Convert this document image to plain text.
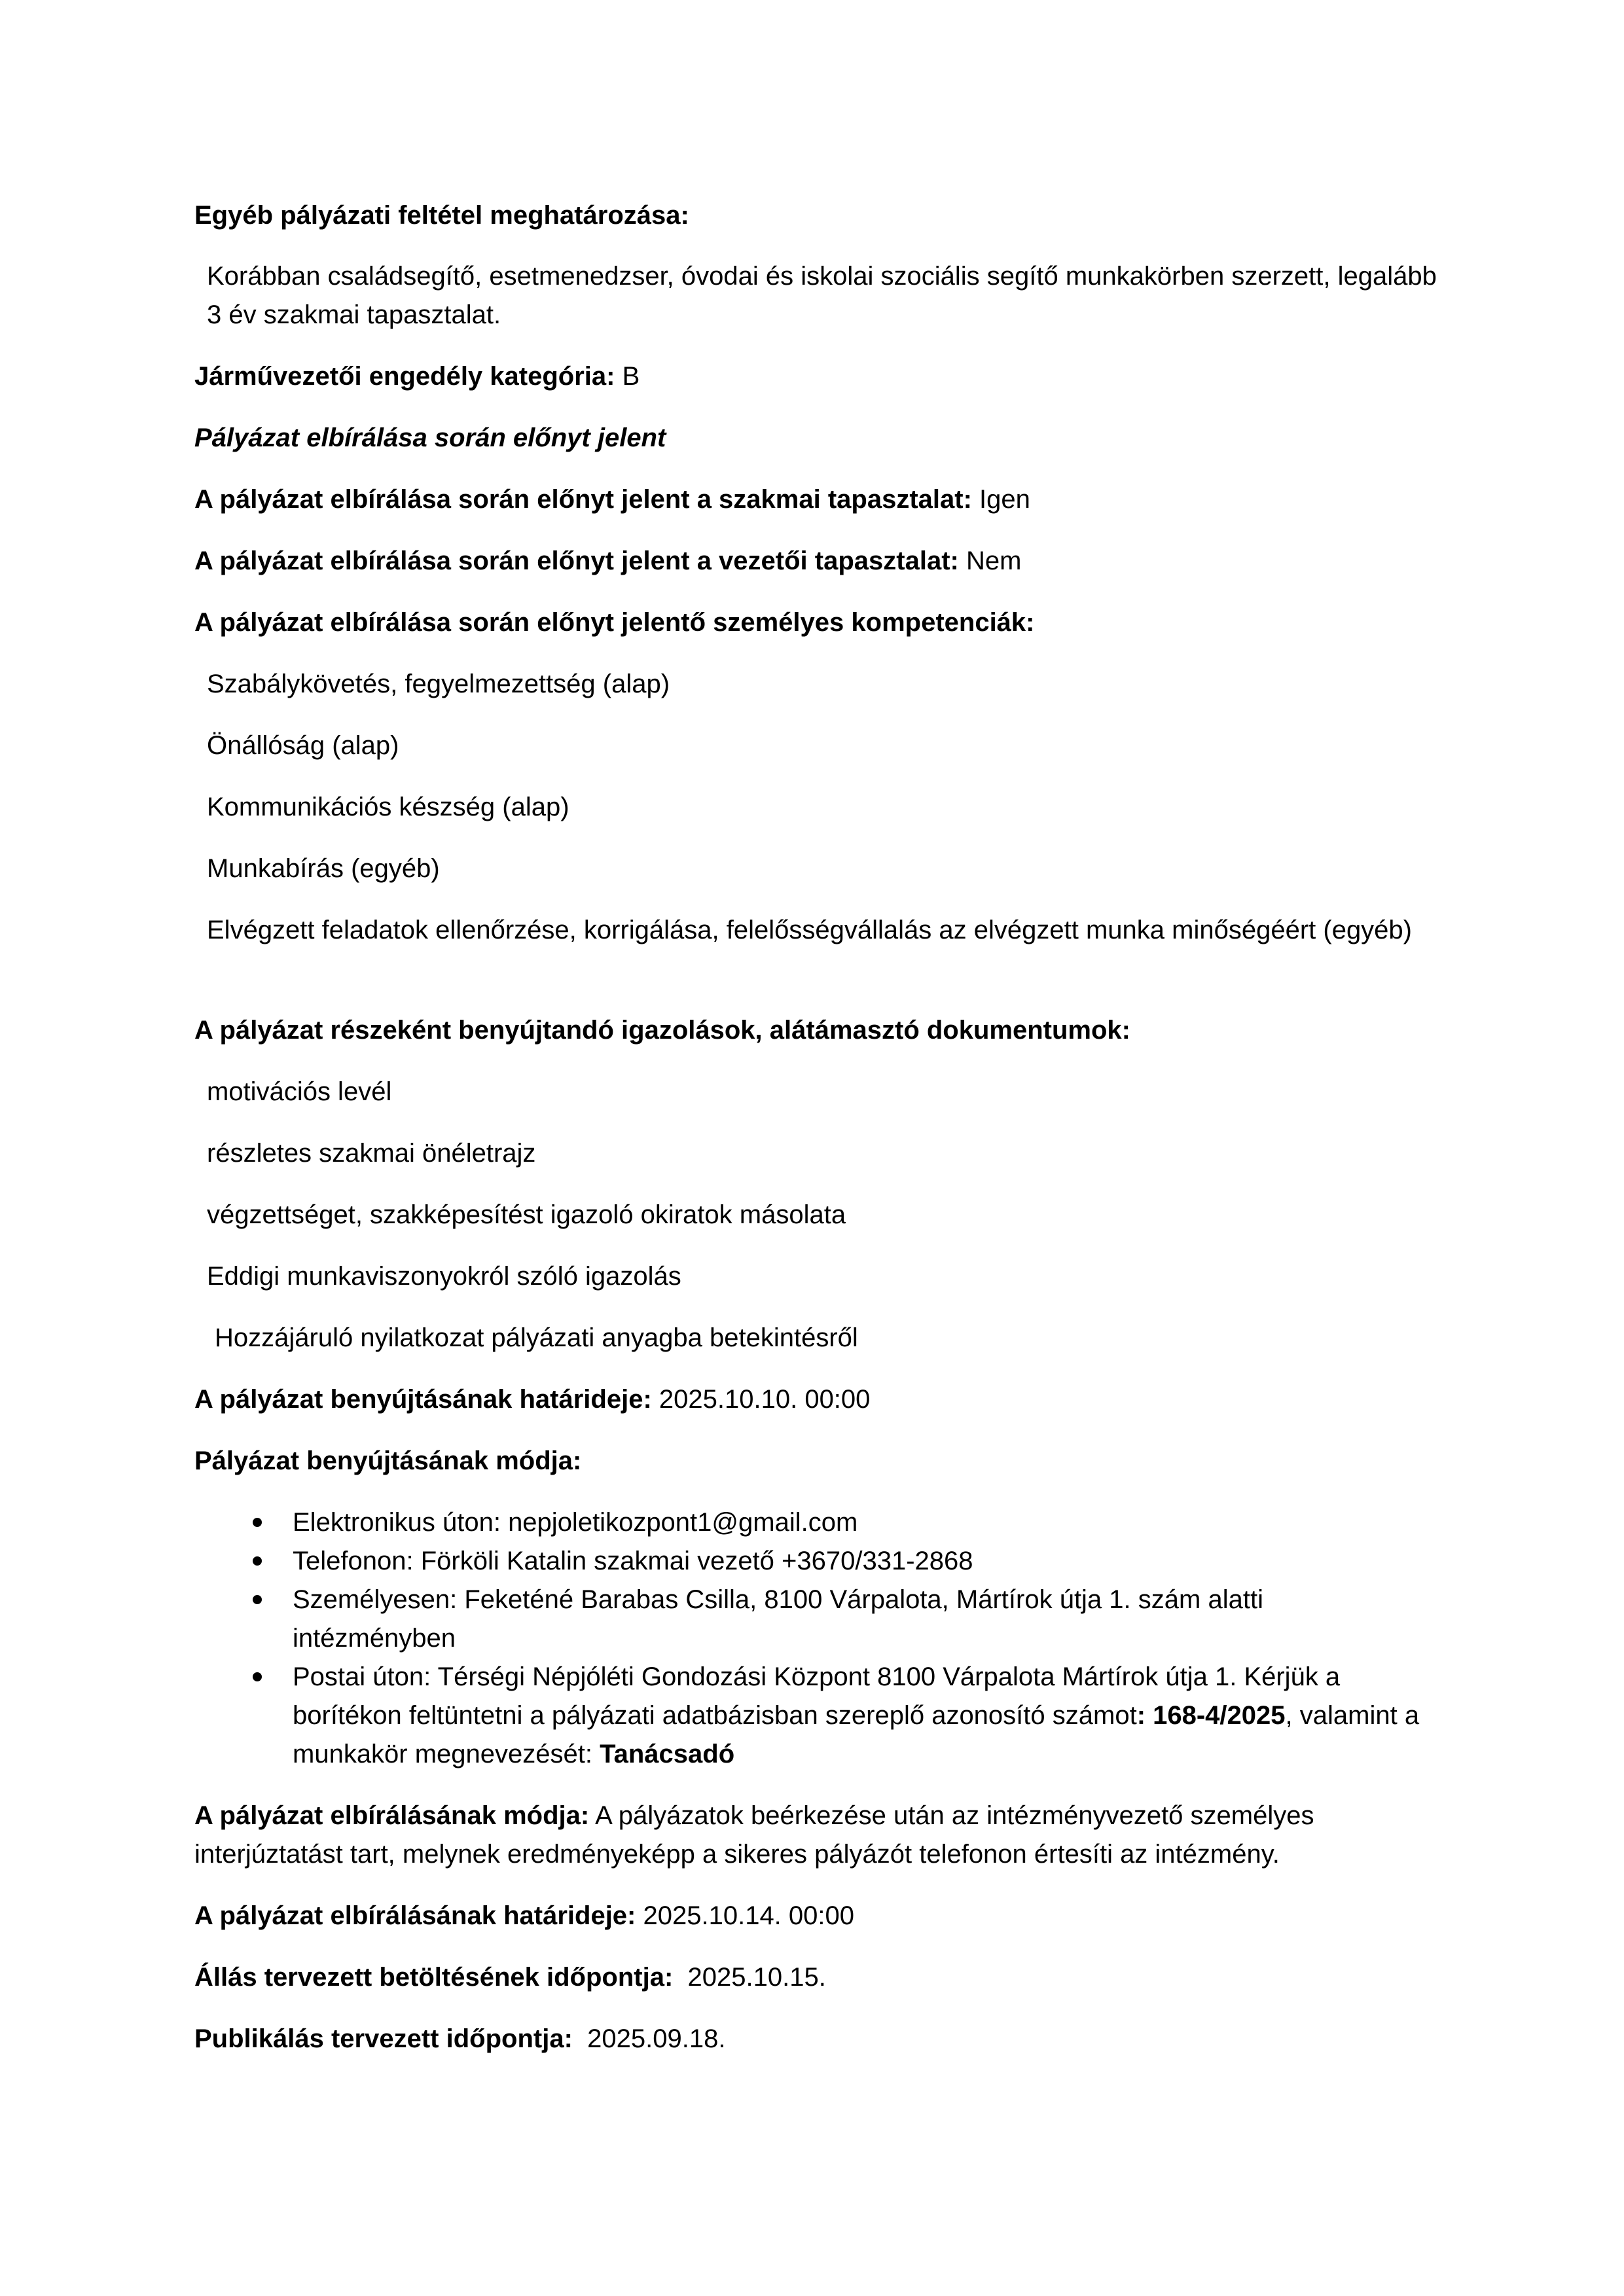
Egyéb pályázati feltétel meghatározása:

Korábban családsegítő, esetmenedzser, óvodai és iskolai szociális segítő munkakörben szerzett, legalább 3 év szakmai tapasztalat.

Járművezetői engedély kategória: B

Pályázat elbírálása során előnyt jelent

A pályázat elbírálása során előnyt jelent a szakmai tapasztalat: Igen

A pályázat elbírálása során előnyt jelent a vezetői tapasztalat: Nem

A pályázat elbírálása során előnyt jelentő személyes kompetenciák:

Szabálykövetés, fegyelmezettség (alap)

Önállóság (alap)

Kommunikációs készség (alap)

Munkabírás (egyéb)

Elvégzett feladatok ellenőrzése, korrigálása, felelősségvállalás az elvégzett munka minőségéért (egyéb)

A pályázat részeként benyújtandó igazolások, alátámasztó dokumentumok:

motivációs levél

részletes szakmai önéletrajz

végzettséget, szakképesítést igazoló okiratok másolata

Eddigi munkaviszonyokról szóló igazolás

Hozzájáruló nyilatkozat pályázati anyagba betekintésről

A pályázat benyújtásának határideje: 2025.10.10. 00:00

Pályázat benyújtásának módja:

Elektronikus úton: nepjoletikozpont1@gmail.com
Telefonon: Förköli Katalin szakmai vezető +3670/331-2868
Személyesen: Feketéné Barabas Csilla, 8100 Várpalota, Mártírok útja 1. szám alatti intézményben
Postai úton: Térségi Népjóléti Gondozási Központ 8100 Várpalota Mártírok útja 1. Kérjük a borítékon feltüntetni a pályázati adatbázisban szereplő azonosító számot: 168-4/2025, valamint a munkakör megnevezését: Tanácsadó

A pályázat elbírálásának módja: A pályázatok beérkezése után az intézményvezető személyes interjúztatást tart, melynek eredményeképp a sikeres pályázót telefonon értesíti az intézmény.

A pályázat elbírálásának határideje: 2025.10.14. 00:00

Állás tervezett betöltésének időpontja:  2025.10.15.

Publikálás tervezett időpontja:  2025.09.18.
